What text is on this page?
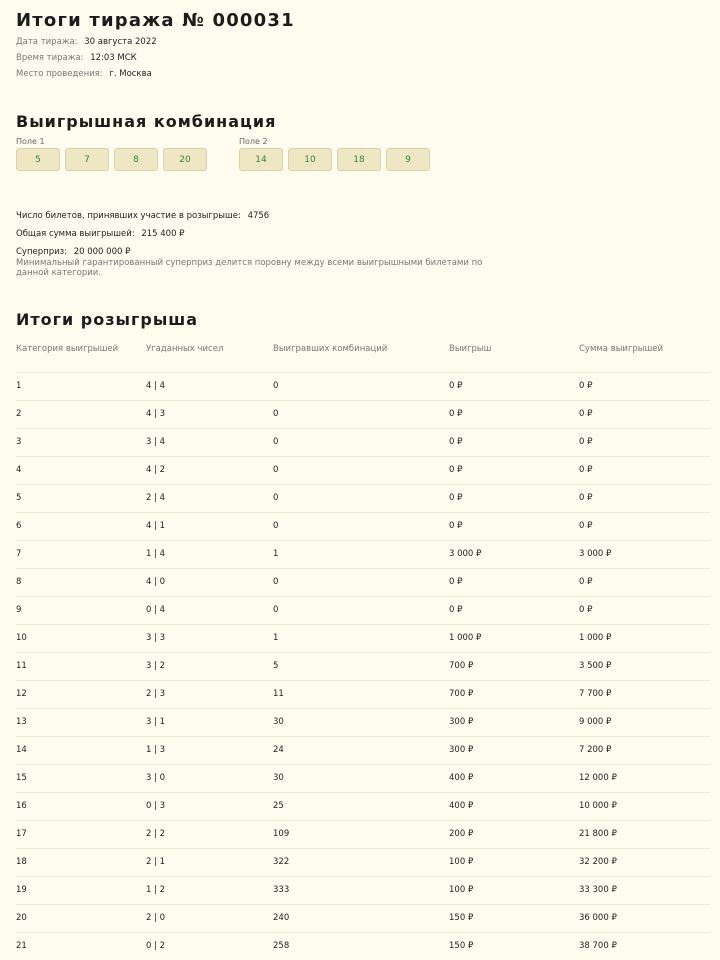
Итоги тиража № 000031
Дата тиража: 30 августа 2022
Время тиража: 12:03 МСК
Место проведения: г. Москва
Выигрышная комбинация
Поле 1
5	7	8	20
Поле 2
14	10	18	9
Число билетов, принявших участие в розыгрыше: 4756
Общая сумма выигрышей: 215 400 ₽
Суперприз: 20 000 000 ₽
Минимальный гарантированный суперприз делится поровну между всеми выигрышными билетами по данной категории.
Итоги розыгрыша
Категория выигрышей	Угаданных чисел	Выигравших комбинаций	Выигрыш	Сумма выигрышей
1	4 | 4	0	0 ₽	0 ₽
2	4 | 3	0	0 ₽	0 ₽
3	3 | 4	0	0 ₽	0 ₽
4	4 | 2	0	0 ₽	0 ₽
5	2 | 4	0	0 ₽	0 ₽
6	4 | 1	0	0 ₽	0 ₽
7	1 | 4	1	3 000 ₽	3 000 ₽
8	4 | 0	0	0 ₽	0 ₽
9	0 | 4	0	0 ₽	0 ₽
10	3 | 3	1	1 000 ₽	1 000 ₽
11	3 | 2	5	700 ₽	3 500 ₽
12	2 | 3	11	700 ₽	7 700 ₽
13	3 | 1	30	300 ₽	9 000 ₽
14	1 | 3	24	300 ₽	7 200 ₽
15	3 | 0	30	400 ₽	12 000 ₽
16	0 | 3	25	400 ₽	10 000 ₽
17	2 | 2	109	200 ₽	21 800 ₽
18	2 | 1	322	100 ₽	32 200 ₽
19	1 | 2	333	100 ₽	33 300 ₽
20	2 | 0	240	150 ₽	36 000 ₽
21	0 | 2	258	150 ₽	38 700 ₽
